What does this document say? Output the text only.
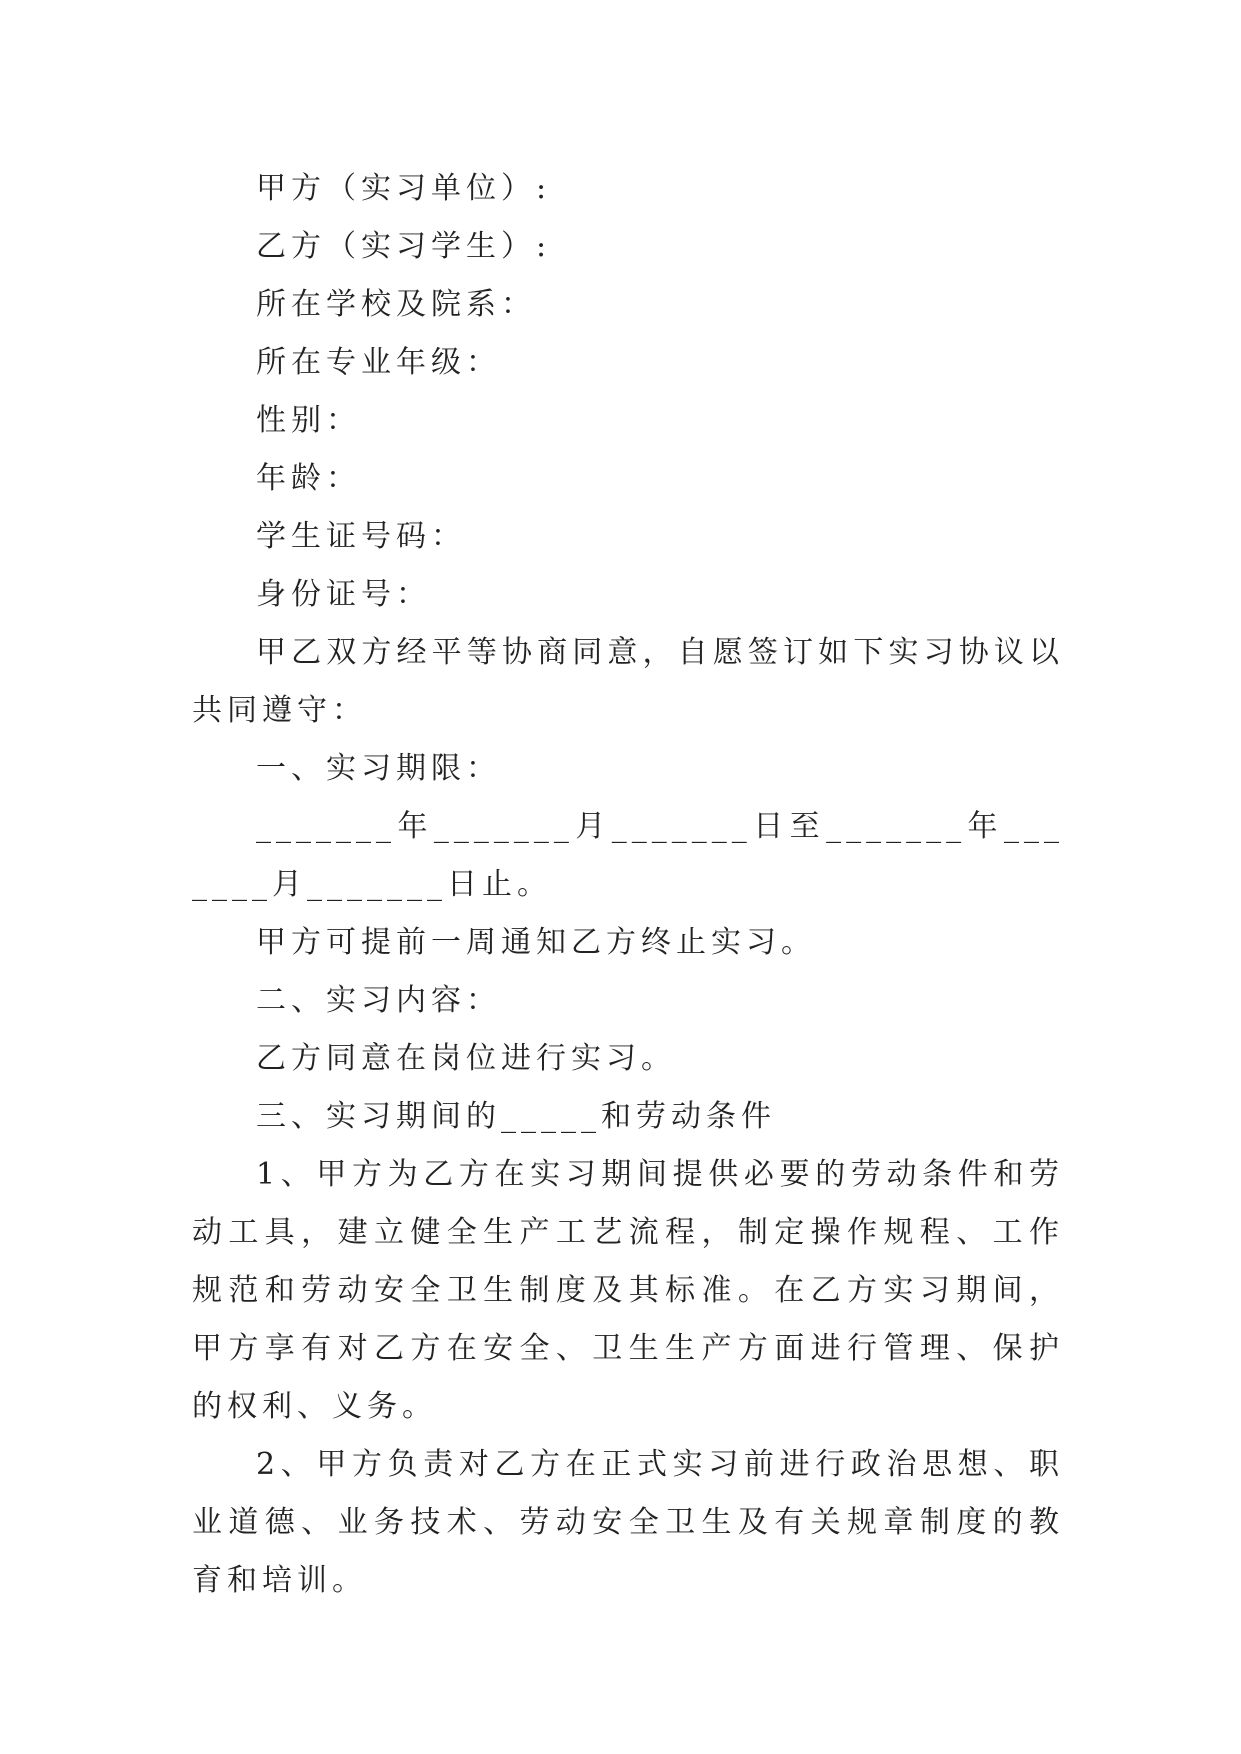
甲方（实习单位）:

乙方（实习学生）:

所在学校及院系：

所在专业年级：

性别：

年龄：

学生证号码：

身份证号：

甲乙双方经平等协商同意，自愿签订如下实习协议以共同遵守：

一、实习期限：

_______年_______月_______日至_______年_______月_______日止。

甲方可提前一周通知乙方终止实习。

二、实习内容：

乙方同意在岗位进行实习。

三、实习期间的_____和劳动条件

1、甲方为乙方在实习期间提供必要的劳动条件和劳动工具，建立健全生产工艺流程，制定操作规程、工作规范和劳动安全卫生制度及其标准。在乙方实习期间，甲方享有对乙方在安全、卫生生产方面进行管理、保护的权利、义务。

2、甲方负责对乙方在正式实习前进行政治思想、职业道德、业务技术、劳动安全卫生及有关规章制度的教育和培训。
